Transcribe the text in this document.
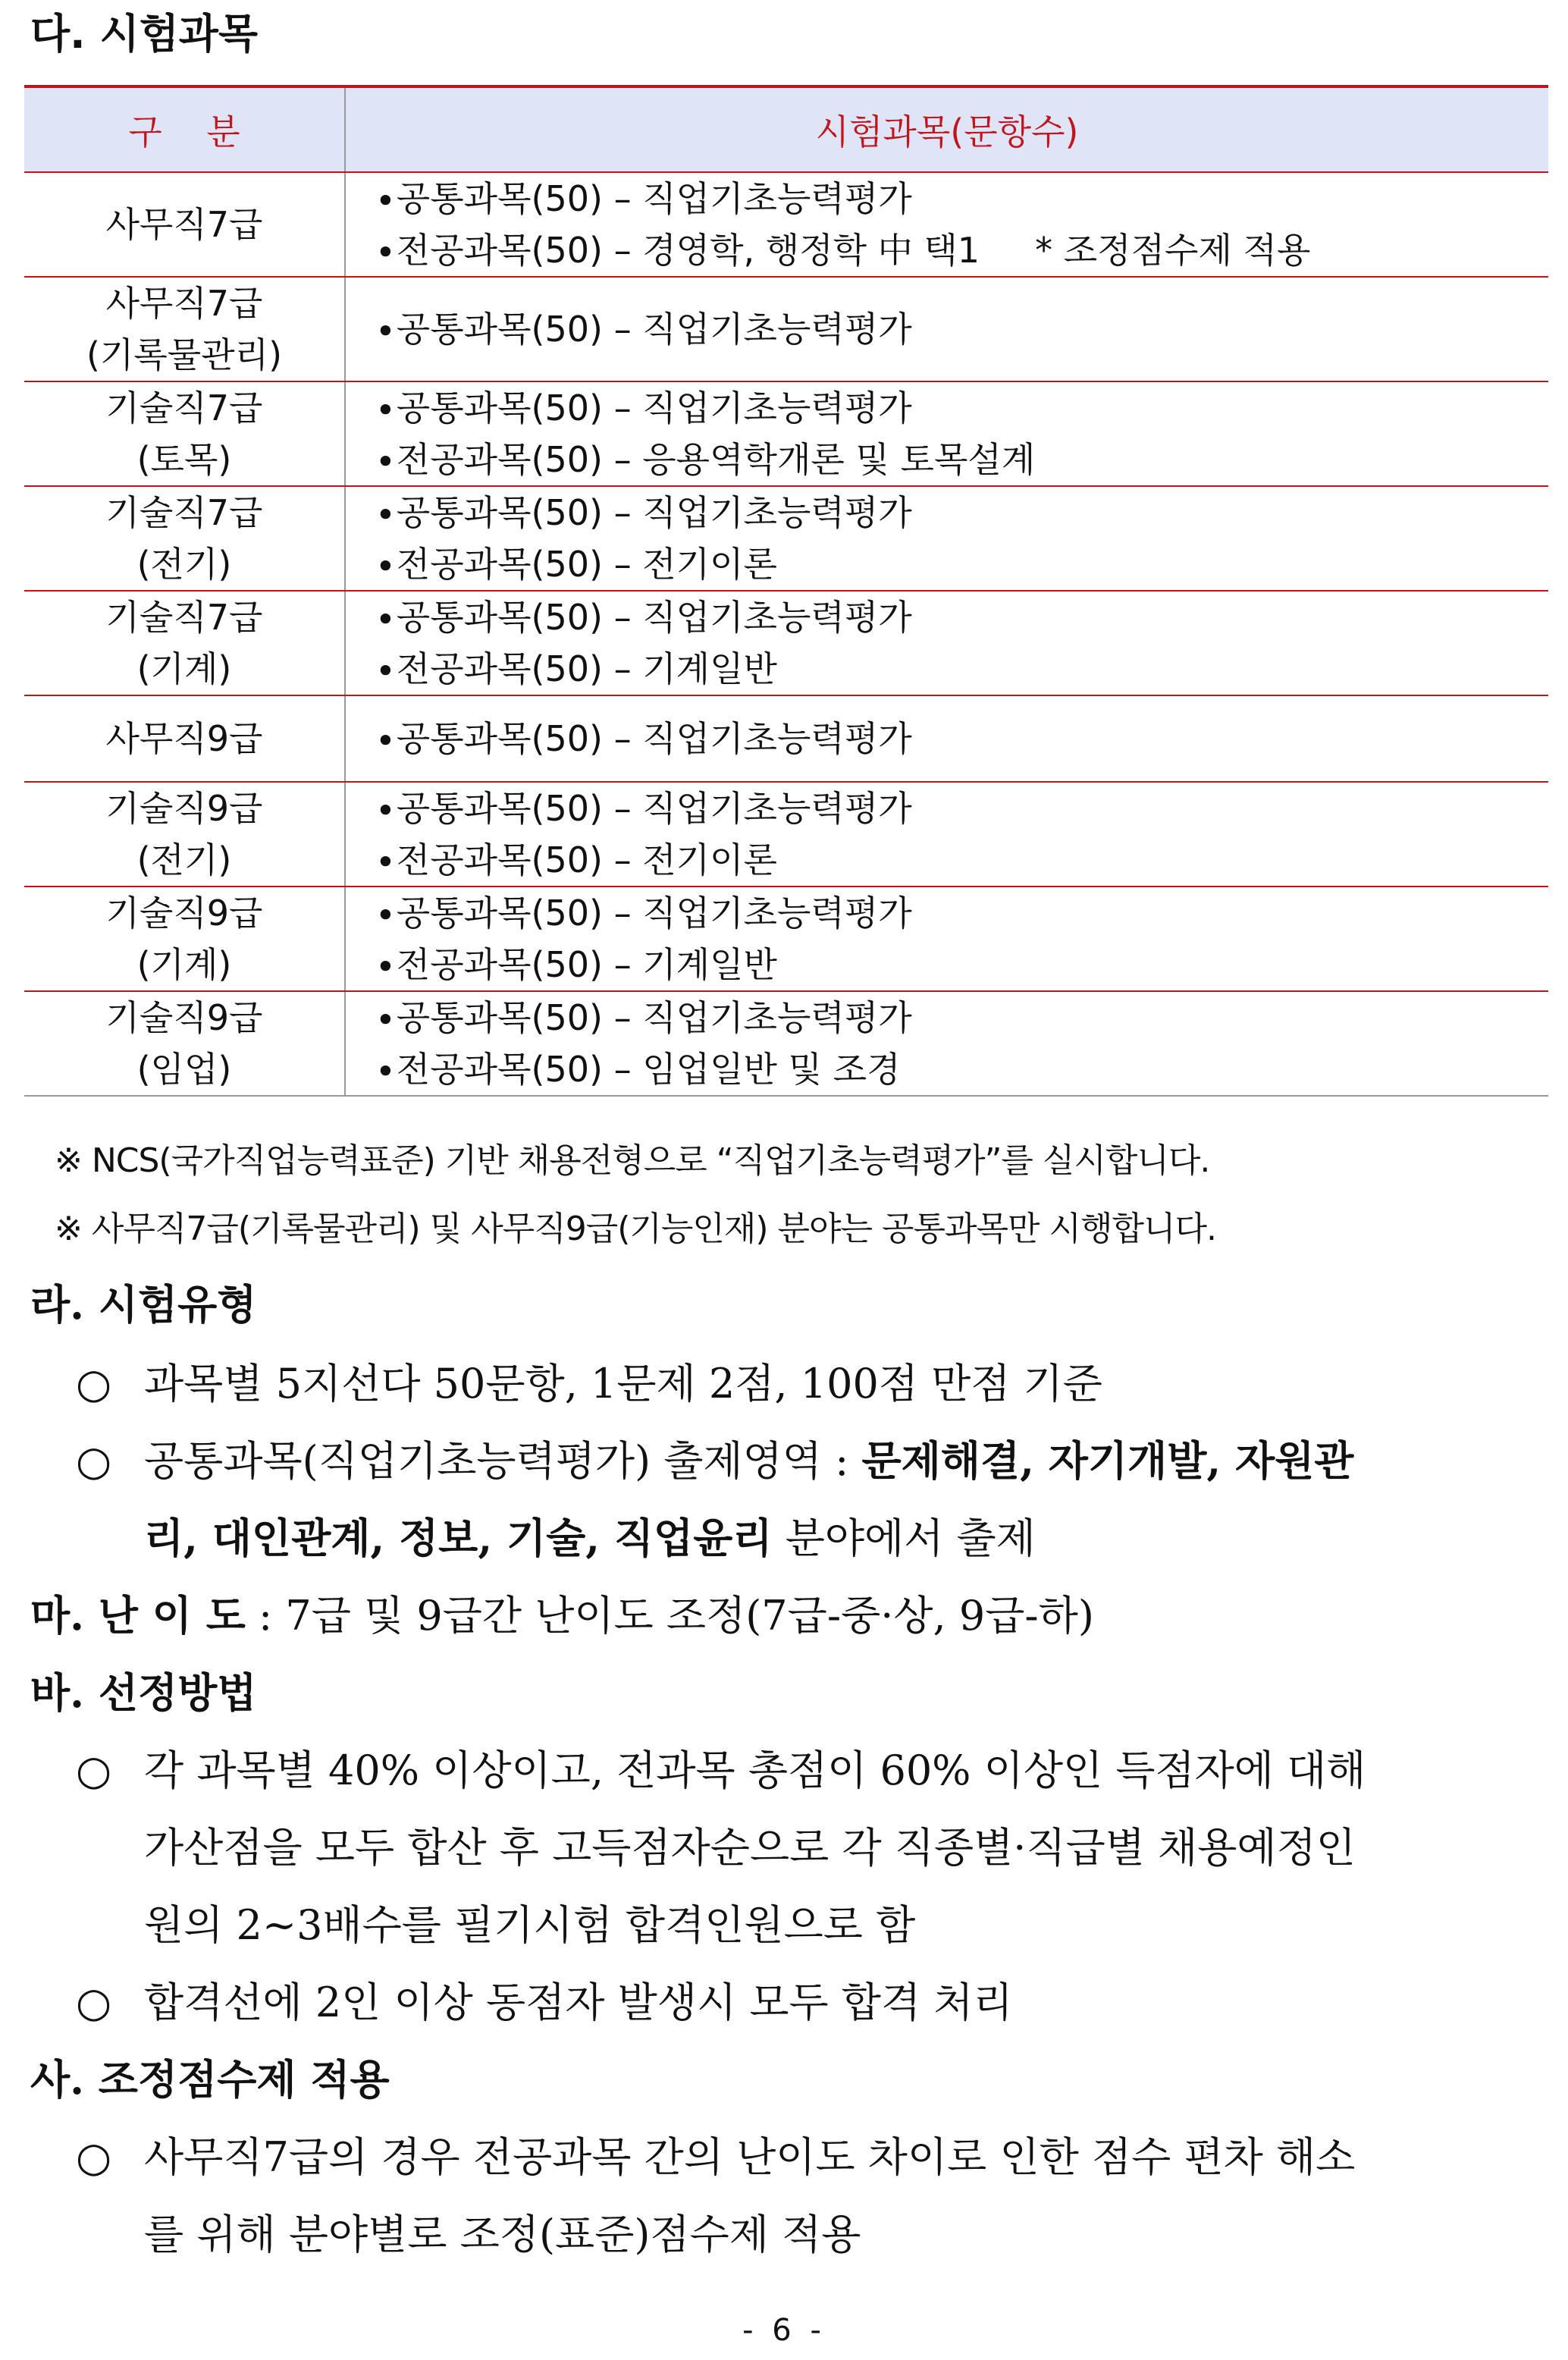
다. 시험과목
구    분	시험과목(문항수)

사무직7급	∙공통과목(50) – 직업기초능력평가
∙전공과목(50) – 경영학, 행정학 中 택1     * 조정점수제 적용

사무직7급
(기록물관리)	∙공통과목(50) – 직업기초능력평가

기술직7급
(토목)	∙공통과목(50) – 직업기초능력평가
∙전공과목(50) – 응용역학개론 및 토목설계

기술직7급
(전기)	∙공통과목(50) – 직업기초능력평가
∙전공과목(50) – 전기이론

기술직7급
(기계)	∙공통과목(50) – 직업기초능력평가
∙전공과목(50) – 기계일반

사무직9급	∙공통과목(50) – 직업기초능력평가

기술직9급
(전기)	∙공통과목(50) – 직업기초능력평가
∙전공과목(50) – 전기이론

기술직9급
(기계)	∙공통과목(50) – 직업기초능력평가
∙전공과목(50) – 기계일반

기술직9급
(임업)	∙공통과목(50) – 직업기초능력평가
∙전공과목(50) – 임업일반 및 조경
※ NCS(국가직업능력표준) 기반 채용전형으로 “직업기초능력평가”를 실시합니다.
※ 사무직7급(기록물관리) 및 사무직9급(기능인재) 분야는 공통과목만 시행합니다.
라. 시험유형
○ 과목별 5지선다 50문항, 1문제 2점, 100점 만점 기준
○ 공통과목(직업기초능력평가) 출제영역 : 문제해결, 자기개발, 자원관
리, 대인관계, 정보, 기술, 직업윤리 분야에서 출제
마. 난 이 도 : 7급 및 9급간 난이도 조정(7급-중·상, 9급-하)
바. 선정방법
○ 각 과목별 40% 이상이고, 전과목 총점이 60% 이상인 득점자에 대해
가산점을 모두 합산 후 고득점자순으로 각 직종별·직급별 채용예정인
원의 2~3배수를 필기시험 합격인원으로 함
○ 합격선에 2인 이상 동점자 발생시 모두 합격 처리
사. 조정점수제 적용
○ 사무직7급의 경우 전공과목 간의 난이도 차이로 인한 점수 편차 해소
를 위해 분야별로 조정(표준)점수제 적용
- 6 -
